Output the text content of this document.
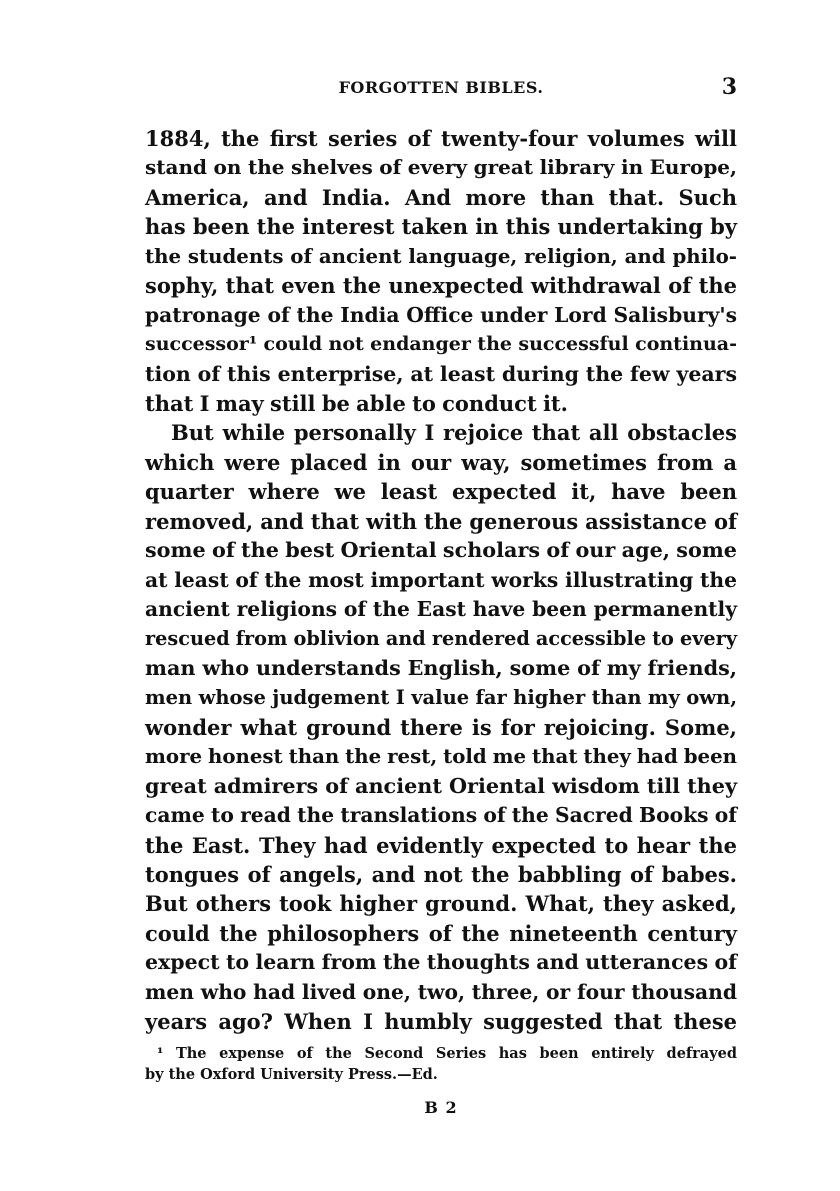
FORGOTTEN BIBLES.	3
1884, the first series of twenty-four volumes will
stand on the shelves of every great library in Europe,
America, and India. And more than that. Such
has been the interest taken in this undertaking by
the students of ancient language, religion, and philo-
sophy, that even the unexpected withdrawal of the
patronage of the India Office under Lord Salisbury's
successor¹ could not endanger the successful continua-
tion of this enterprise, at least during the few years
that I may still be able to conduct it.
But while personally I rejoice that all obstacles
which were placed in our way, sometimes from a
quarter where we least expected it, have been
removed, and that with the generous assistance of
some of the best Oriental scholars of our age, some
at least of the most important works illustrating the
ancient religions of the East have been permanently
rescued from oblivion and rendered accessible to every
man who understands English, some of my friends,
men whose judgement I value far higher than my own,
wonder what ground there is for rejoicing. Some,
more honest than the rest, told me that they had been
great admirers of ancient Oriental wisdom till they
came to read the translations of the Sacred Books of
the East. They had evidently expected to hear the
tongues of angels, and not the babbling of babes.
But others took higher ground. What, they asked,
could the philosophers of the nineteenth century
expect to learn from the thoughts and utterances of
men who had lived one, two, three, or four thousand
years ago? When I humbly suggested that these
¹ The expense of the Second Series has been entirely defrayed
by the Oxford University Press.—Ed.
B 2
